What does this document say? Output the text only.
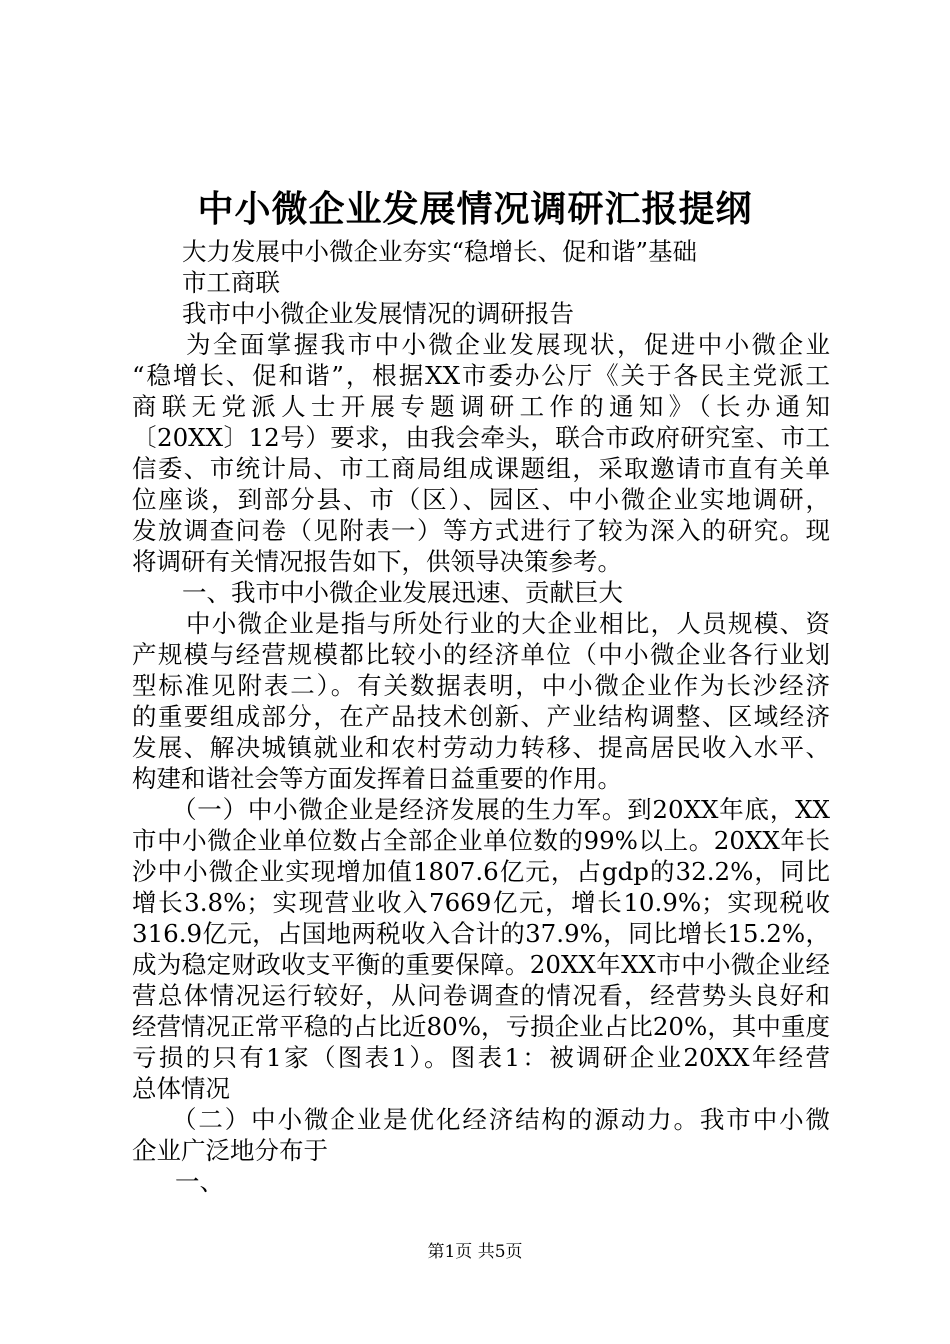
中小微企业发展情况调研汇报提纲
大力发展中小微企业夯实“稳增长、促和谐”基础
市工商联
我市中小微企业发展情况的调研报告
为全面掌握我市中小微企业发展现状，促进中小微企业
“稳增长、促和谐”，根据XX市委办公厅《关于各民主党派工
商联无党派人士开展专题调研工作的通知》（长办通知
〔20XX〕12号）要求，由我会牵头，联合市政府研究室、市工
信委、市统计局、市工商局组成课题组，采取邀请市直有关单
位座谈，到部分县、市（区）、园区、中小微企业实地调研，
发放调查问卷（见附表一）等方式进行了较为深入的研究。现
将调研有关情况报告如下，供领导决策参考。
一、我市中小微企业发展迅速、贡献巨大
中小微企业是指与所处行业的大企业相比，人员规模、资
产规模与经营规模都比较小的经济单位（中小微企业各行业划
型标准见附表二）。有关数据表明，中小微企业作为长沙经济
的重要组成部分，在产品技术创新、产业结构调整、区域经济
发展、解决城镇就业和农村劳动力转移、提高居民收入水平、
构建和谐社会等方面发挥着日益重要的作用。
（一）中小微企业是经济发展的生力军。到20XX年底，XX
市中小微企业单位数占全部企业单位数的99%以上。20XX年长
沙中小微企业实现增加值1807.6亿元，占gdp的32.2%，同比
增长3.8%；实现营业收入7669亿元，增长10.9%；实现税收
316.9亿元，占国地两税收入合计的37.9%，同比增长15.2%，
成为稳定财政收支平衡的重要保障。20XX年XX市中小微企业经
营总体情况运行较好，从问卷调查的情况看，经营势头良好和
经营情况正常平稳的占比近80%，亏损企业占比20%，其中重度
亏损的只有1家（图表1）。图表1：被调研企业20XX年经营
总体情况
（二）中小微企业是优化经济结构的源动力。我市中小微
企业广泛地分布于
一、
第1页 共5页
